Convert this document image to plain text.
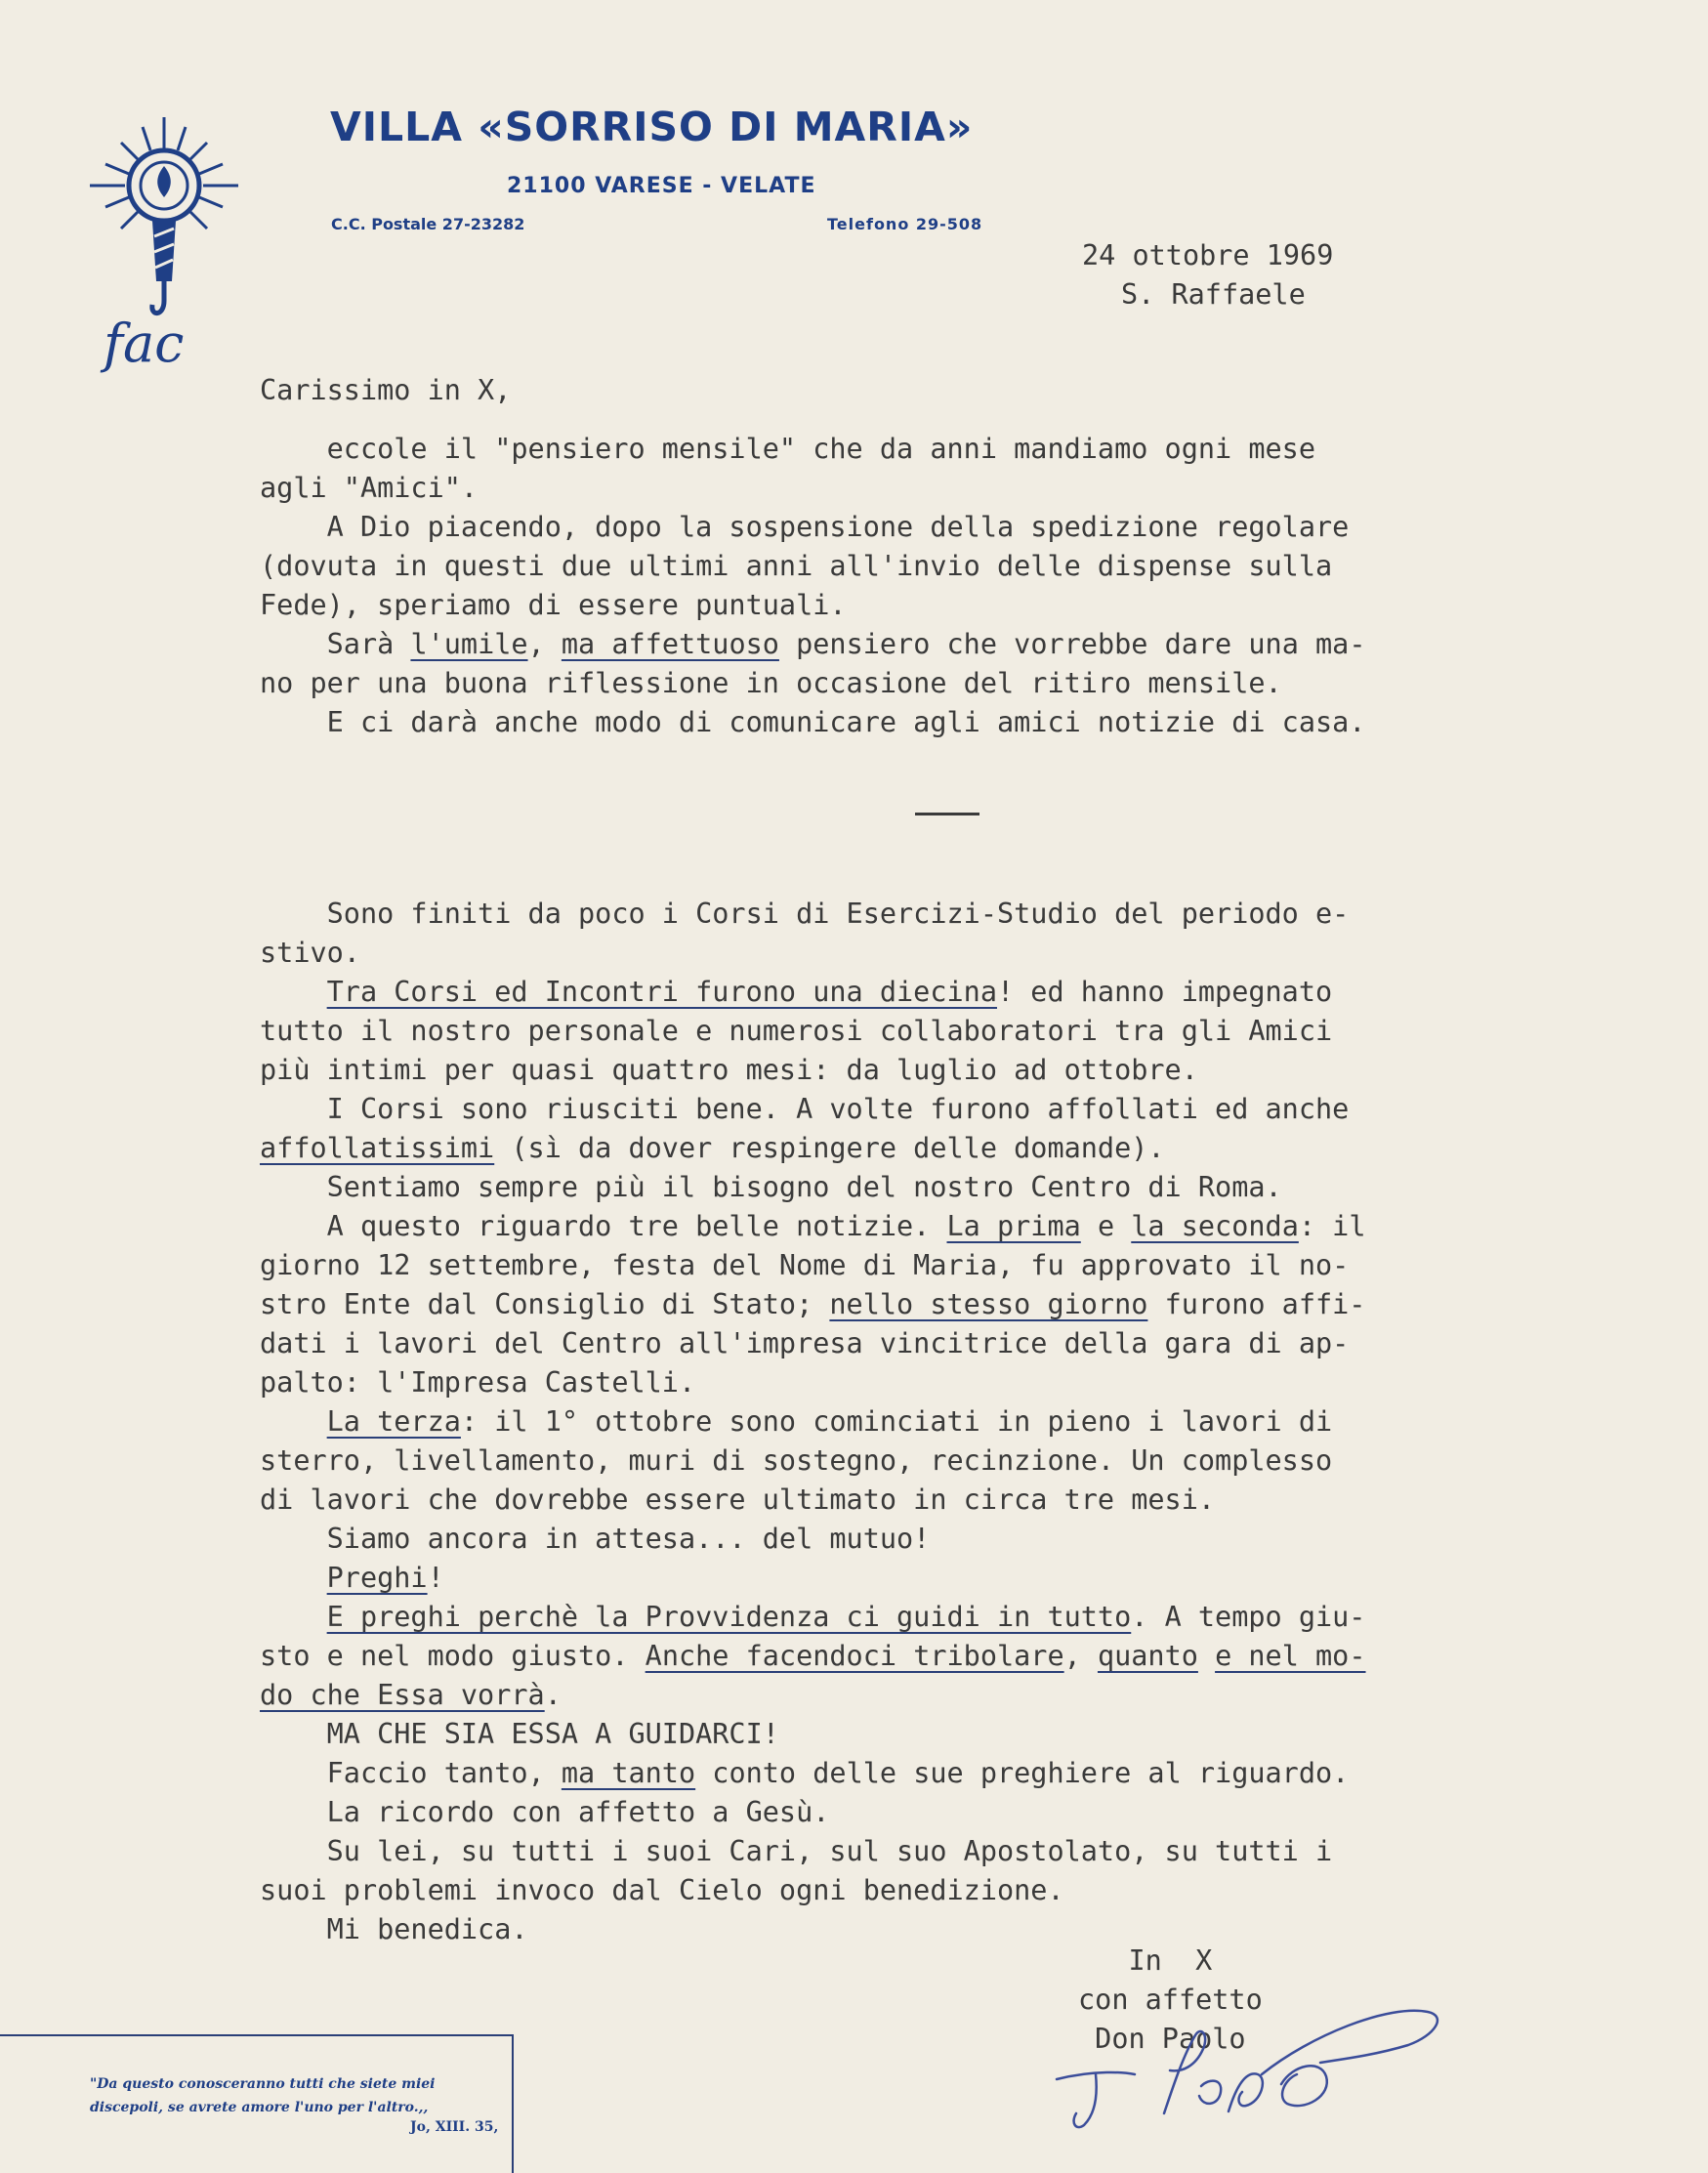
fac
VILLA «SORRISO DI MARIA»
21100 VARESE - VELATE
C.C. Postale 27-23282	Telefono 29-508
24 ottobre 1969
S. Raffaele
Carissimo in X,
eccole il "pensiero mensile" che da anni mandiamo ogni mese
agli "Amici".
A Dio piacendo, dopo la sospensione della spedizione regolare
(dovuta in questi due ultimi anni all'invio delle dispense sulla
Fede), speriamo di essere puntuali.
Sarà l'umile, ma affettuoso pensiero che vorrebbe dare una ma-
no per una buona riflessione in occasione del ritiro mensile.
E ci darà anche modo di comunicare agli amici notizie di casa.
Sono finiti da poco i Corsi di Esercizi-Studio del periodo e-
stivo.
Tra Corsi ed Incontri furono una diecina! ed hanno impegnato
tutto il nostro personale e numerosi collaboratori tra gli Amici
più intimi per quasi quattro mesi: da luglio ad ottobre.
I Corsi sono riusciti bene. A volte furono affollati ed anche
affollatissimi (sì da dover respingere delle domande).
Sentiamo sempre più il bisogno del nostro Centro di Roma.
A questo riguardo tre belle notizie. La prima e la seconda: il
giorno 12 settembre, festa del Nome di Maria, fu approvato il no-
stro Ente dal Consiglio di Stato; nello stesso giorno furono affi-
dati i lavori del Centro all'impresa vincitrice della gara di ap-
palto: l'Impresa Castelli.
La terza: il 1° ottobre sono cominciati in pieno i lavori di
sterro, livellamento, muri di sostegno, recinzione. Un complesso
di lavori che dovrebbe essere ultimato in circa tre mesi.
Siamo ancora in attesa... del mutuo!
Preghi!
E preghi perchè la Provvidenza ci guidi in tutto. A tempo giu-
sto e nel modo giusto. Anche facendoci tribolare, quanto e nel mo-
do che Essa vorrà.
MA CHE SIA ESSA A GUIDARCI!
Faccio tanto, ma tanto conto delle sue preghiere al riguardo.
La ricordo con affetto a Gesù.
Su lei, su tutti i suoi Cari, sul suo Apostolato, su tutti i
suoi problemi invoco dal Cielo ogni benedizione.
Mi benedica.
In  X
con affetto
Don Paolo
"Da questo conosceranno tutti che siete miei discepoli, se avrete amore l'uno per l'altro.,,
Jo, XIII. 35,
